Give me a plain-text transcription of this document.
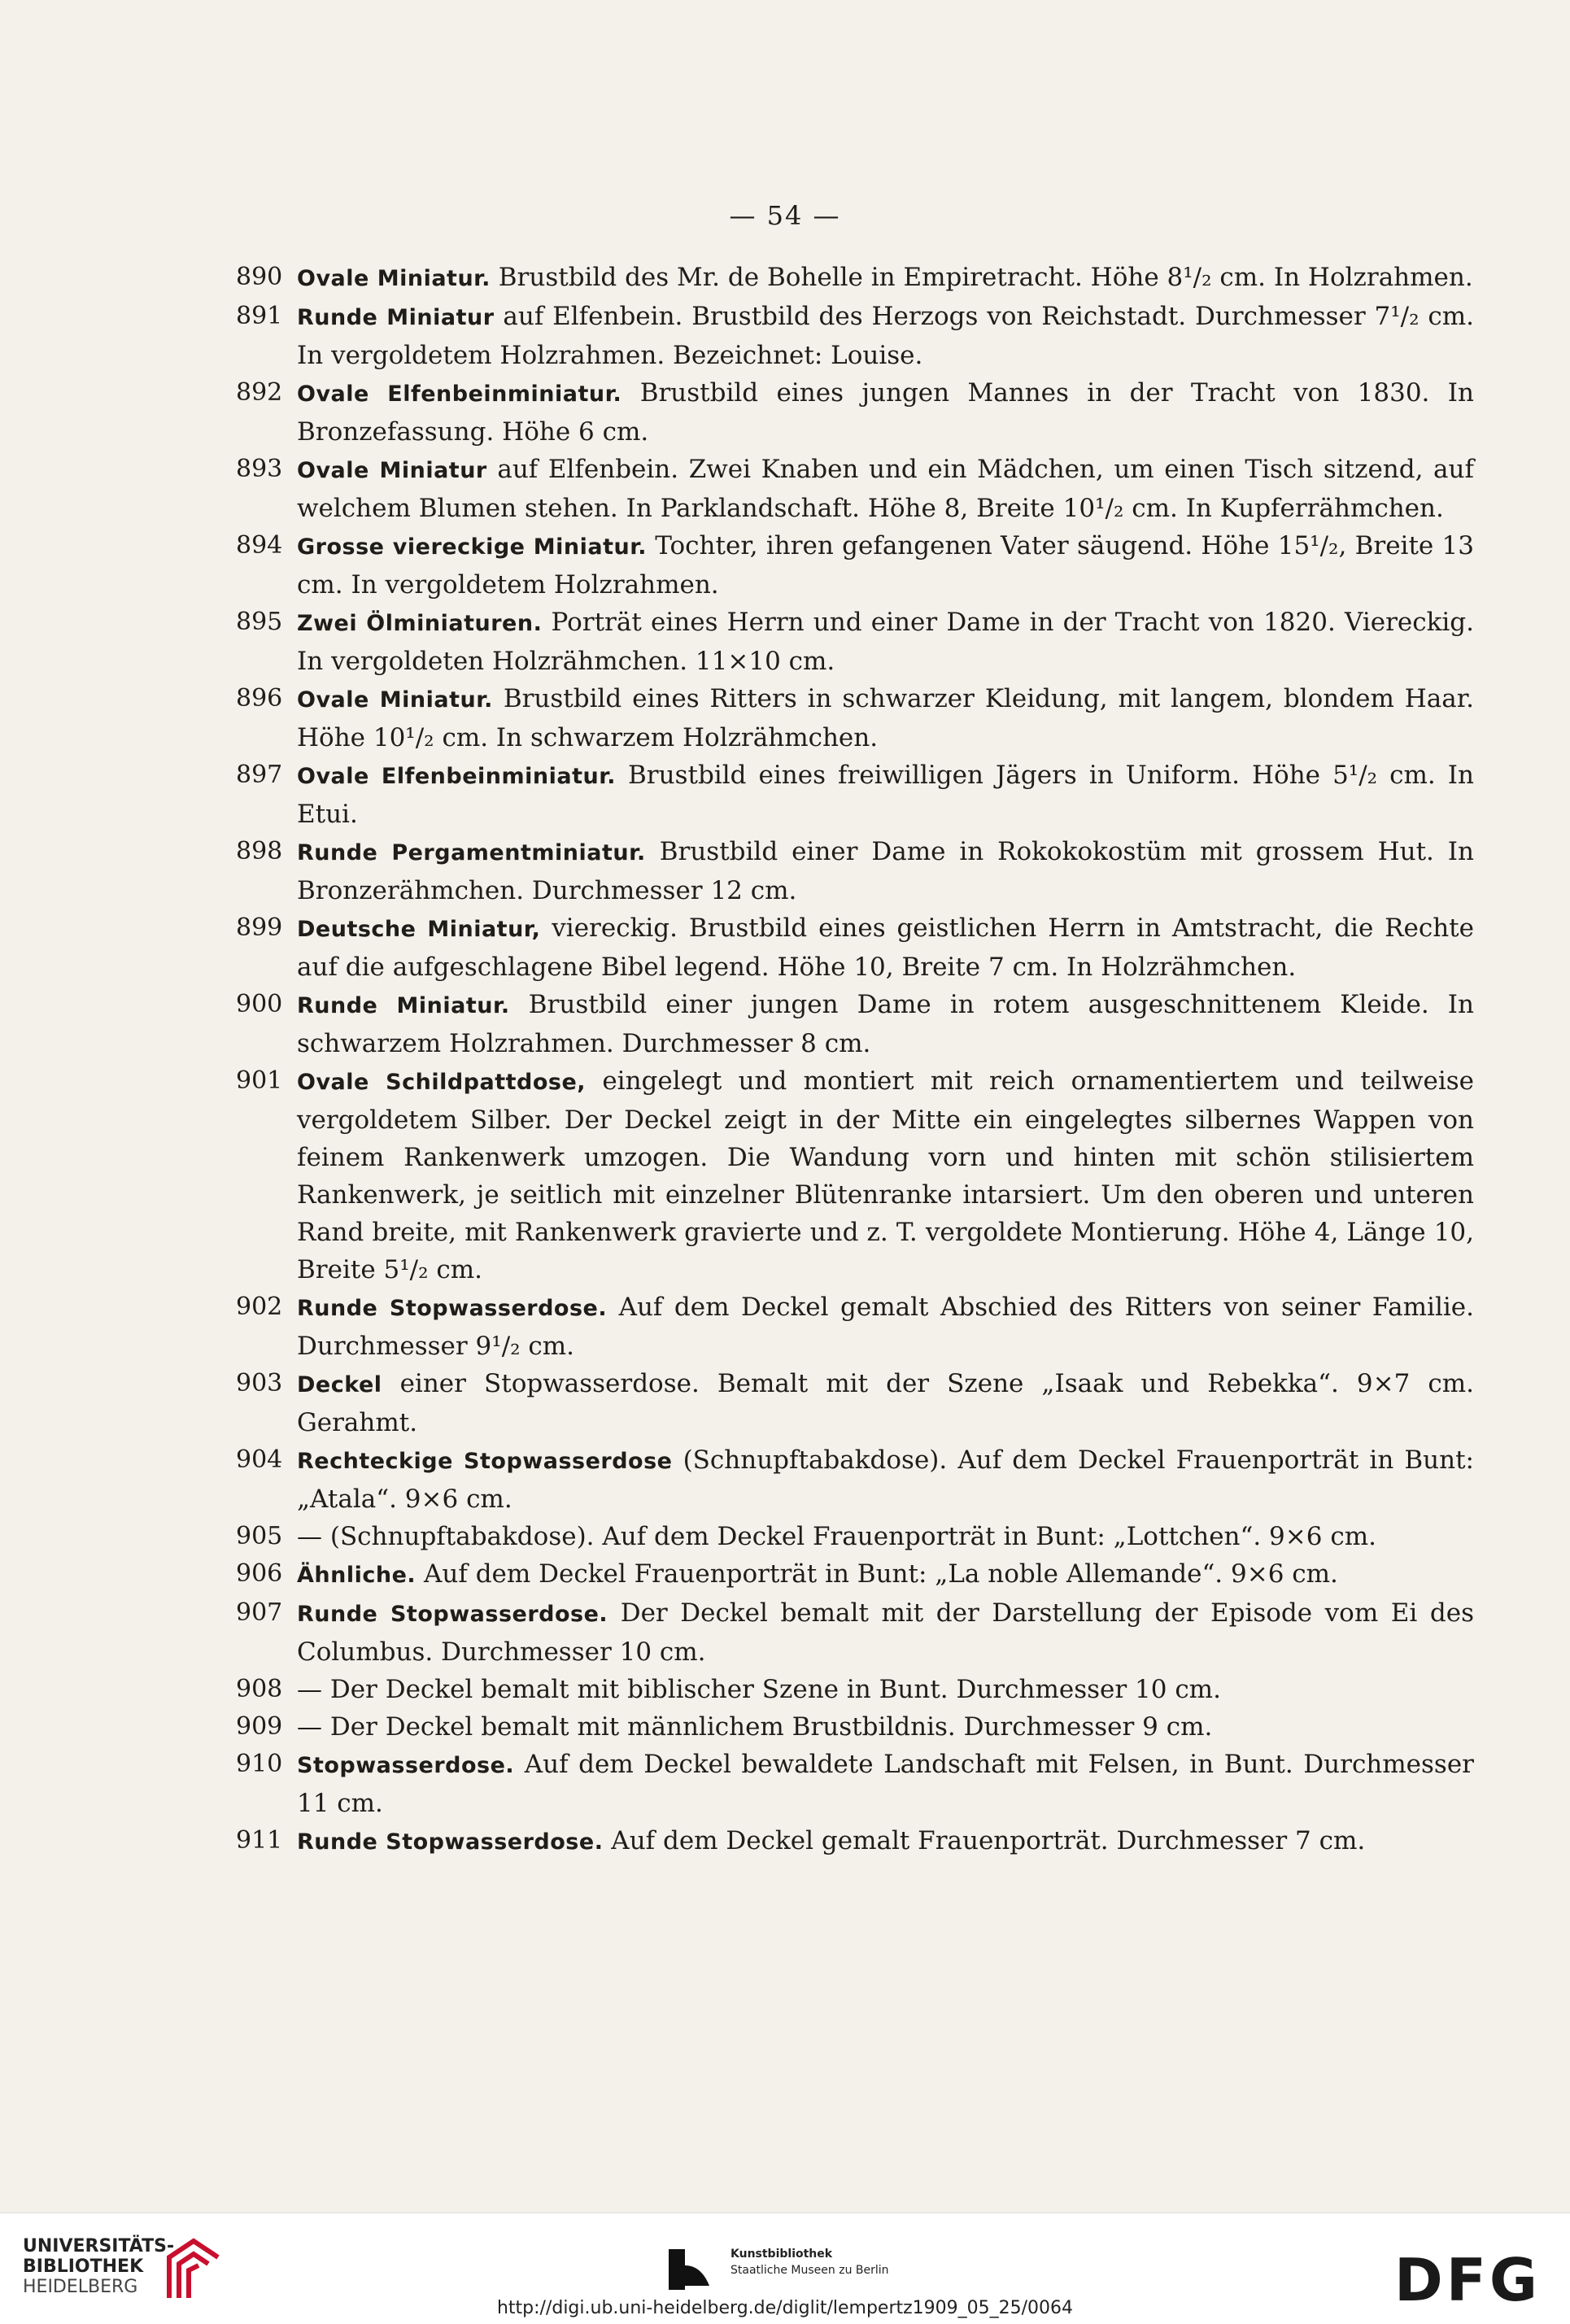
— 54 —
890 Ovale Miniatur. Brustbild des Mr. de Bohelle in Empiretracht. Höhe 8¹/₂ cm. In Holzrahmen.
891 Runde Miniatur auf Elfenbein. Brustbild des Herzogs von Reichstadt. Durchmesser 7¹/₂ cm. In vergoldetem Holzrahmen. Bezeichnet: Louise.
892 Ovale Elfenbeinminiatur. Brustbild eines jungen Mannes in der Tracht von 1830. In Bronzefassung. Höhe 6 cm.
893 Ovale Miniatur auf Elfenbein. Zwei Knaben und ein Mädchen, um einen Tisch sitzend, auf welchem Blumen stehen. In Parklandschaft. Höhe 8, Breite 10¹/₂ cm. In Kupferrähmchen.
894 Grosse viereckige Miniatur. Tochter, ihren gefangenen Vater säugend. Höhe 15¹/₂, Breite 13 cm. In vergoldetem Holzrahmen.
895 Zwei Ölminiaturen. Porträt eines Herrn und einer Dame in der Tracht von 1820. Viereckig. In vergoldeten Holzrähmchen. 11×10 cm.
896 Ovale Miniatur. Brustbild eines Ritters in schwarzer Kleidung, mit langem, blondem Haar. Höhe 10¹/₂ cm. In schwarzem Holzrähmchen.
897 Ovale Elfenbeinminiatur. Brustbild eines freiwilligen Jägers in Uniform. Höhe 5¹/₂ cm. In Etui.
898 Runde Pergamentminiatur. Brustbild einer Dame in Rokokokostüm mit grossem Hut. In Bronzerähmchen. Durchmesser 12 cm.
899 Deutsche Miniatur, viereckig. Brustbild eines geistlichen Herrn in Amtstracht, die Rechte auf die aufgeschlagene Bibel legend. Höhe 10, Breite 7 cm. In Holzrähmchen.
900 Runde Miniatur. Brustbild einer jungen Dame in rotem ausgeschnittenem Kleide. In schwarzem Holzrahmen. Durchmesser 8 cm.
901 Ovale Schildpattdose, eingelegt und montiert mit reich ornamentiertem und teilweise vergoldetem Silber. Der Deckel zeigt in der Mitte ein eingelegtes silbernes Wappen von feinem Rankenwerk umzogen. Die Wandung vorn und hinten mit schön stilisiertem Rankenwerk, je seitlich mit einzelner Blütenranke intarsiert. Um den oberen und unteren Rand breite, mit Rankenwerk gravierte und z. T. vergoldete Montierung. Höhe 4, Länge 10, Breite 5¹/₂ cm.
902 Runde Stopwasserdose. Auf dem Deckel gemalt Abschied des Ritters von seiner Familie. Durchmesser 9¹/₂ cm.
903 Deckel einer Stopwasserdose. Bemalt mit der Szene „Isaak und Rebekka“. 9×7 cm. Gerahmt.
904 Rechteckige Stopwasserdose (Schnupftabakdose). Auf dem Deckel Frauenporträt in Bunt: „Atala“. 9×6 cm.
905 — (Schnupftabakdose). Auf dem Deckel Frauenporträt in Bunt: „Lottchen“. 9×6 cm.
906 Ähnliche. Auf dem Deckel Frauenporträt in Bunt: „La noble Allemande“. 9×6 cm.
907 Runde Stopwasserdose. Der Deckel bemalt mit der Darstellung der Episode vom Ei des Columbus. Durchmesser 10 cm.
908 — Der Deckel bemalt mit biblischer Szene in Bunt. Durchmesser 10 cm.
909 — Der Deckel bemalt mit männlichem Brustbildnis. Durchmesser 9 cm.
910 Stopwasserdose. Auf dem Deckel bewaldete Landschaft mit Felsen, in Bunt. Durchmesser 11 cm.
911 Runde Stopwasserdose. Auf dem Deckel gemalt Frauenporträt. Durchmesser 7 cm.
UNIVERSITÄTS-
BIBLIOTHEK
HEIDELBERG
Kunstbibliothek
Staatliche Museen zu Berlin	DFG
http://digi.ub.uni-heidelberg.de/diglit/lempertz1909_05_25/0064
